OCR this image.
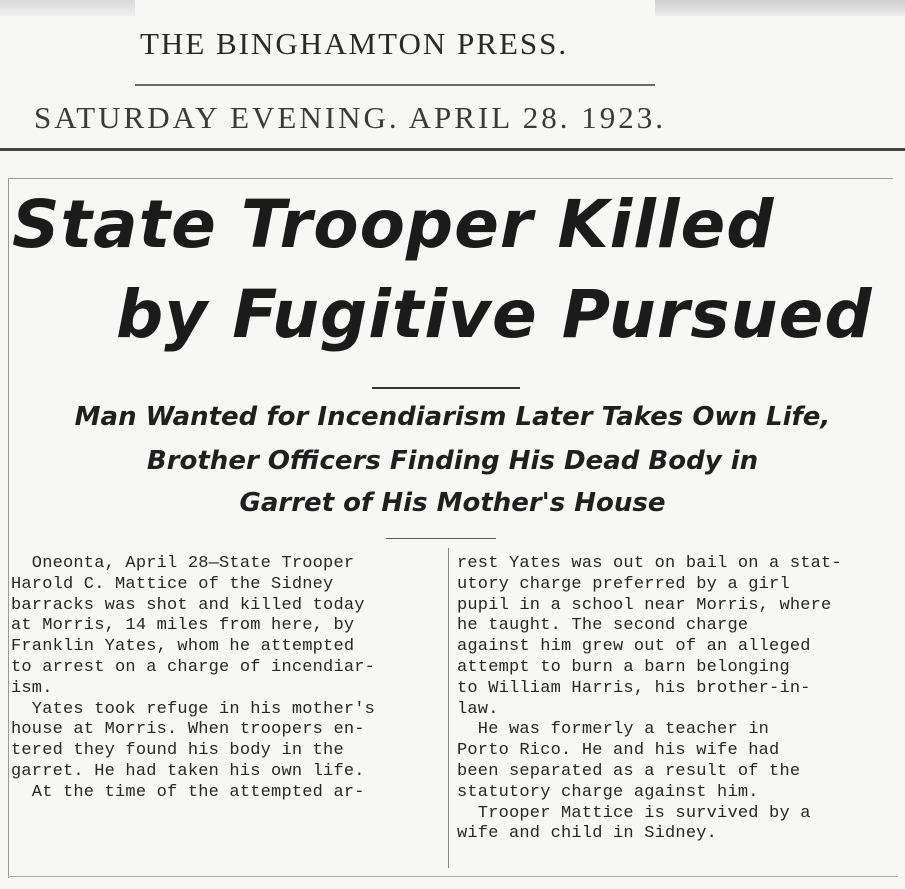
THE BINGHAMTON PRESS.
SATURDAY EVENING. APRIL 28. 1923.
State Trooper Killed
by Fugitive Pursued
Man Wanted for Incendiarism Later Takes Own Life,
Brother Officers Finding His Dead Body in
Garret of His Mother's House
Oneonta, April 28—State Trooper
Harold C. Mattice of the Sidney
barracks was shot and killed today
at Morris, 14 miles from here, by
Franklin Yates, whom he attempted
to arrest on a charge of incendiar-
ism.
Yates took refuge in his mother's
house at Morris. When troopers en-
tered they found his body in the
garret. He had taken his own life.
At the time of the attempted ar-
rest Yates was out on bail on a stat-
utory charge preferred by a girl
pupil in a school near Morris, where
he taught. The second charge
against him grew out of an alleged
attempt to burn a barn belonging
to William Harris, his brother-in-
law.
He was formerly a teacher in
Porto Rico. He and his wife had
been separated as a result of the
statutory charge against him.
Trooper Mattice is survived by a
wife and child in Sidney.
